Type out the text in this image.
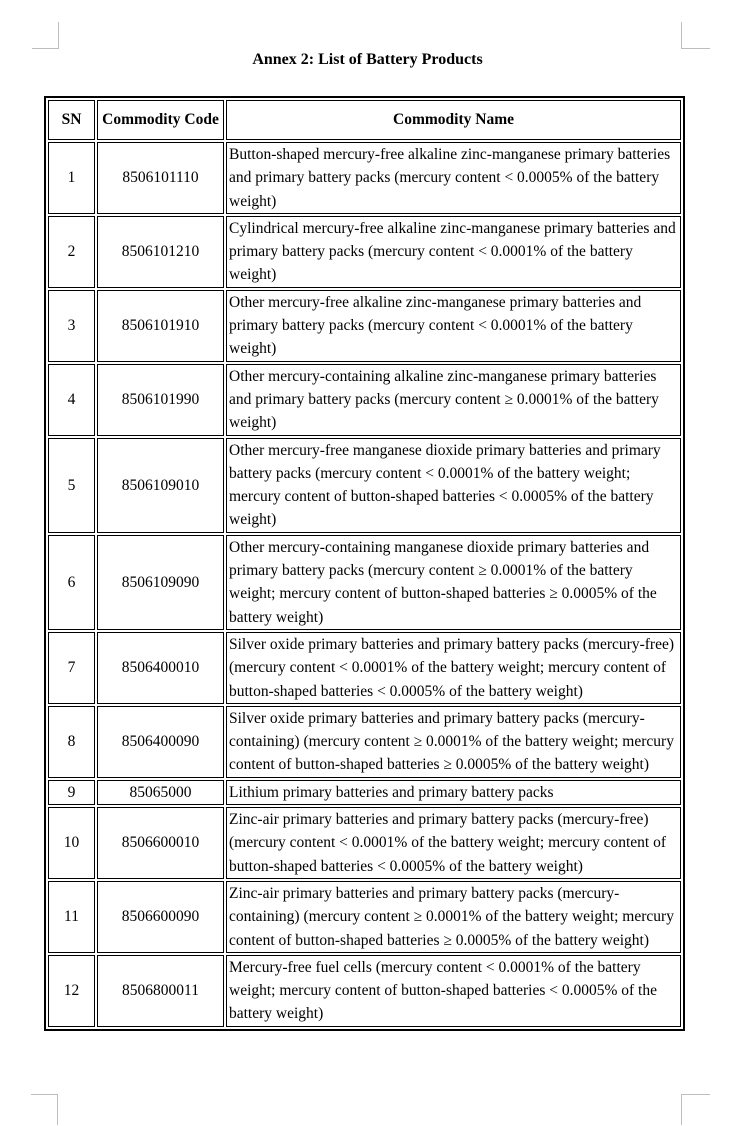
Annex 2: List of Battery Products
SN	Commodity Code	Commodity Name
1	8506101110	Button-shaped mercury-free alkaline zinc-manganese primary batteries and primary battery packs (mercury content < 0.0005% of the battery weight)
2	8506101210	Cylindrical mercury-free alkaline zinc-manganese primary batteries and primary battery packs (mercury content < 0.0001% of the battery weight)
3	8506101910	Other mercury-free alkaline zinc-manganese primary batteries and primary battery packs (mercury content < 0.0001% of the battery weight)
4	8506101990	Other mercury-containing alkaline zinc-manganese primary batteries and primary battery packs (mercury content ≥ 0.0001% of the battery weight)
5	8506109010	Other mercury-free manganese dioxide primary batteries and primary battery packs (mercury content < 0.0001% of the battery weight; mercury content of button-shaped batteries < 0.0005% of the battery weight)
6	8506109090	Other mercury-containing manganese dioxide primary batteries and primary battery packs (mercury content ≥ 0.0001% of the battery weight; mercury content of button-shaped batteries ≥ 0.0005% of the battery weight)
7	8506400010	Silver oxide primary batteries and primary battery packs (mercury-free) (mercury content < 0.0001% of the battery weight; mercury content of button-shaped batteries < 0.0005% of the battery weight)
8	8506400090	Silver oxide primary batteries and primary battery packs (mercury-containing) (mercury content ≥ 0.0001% of the battery weight; mercury content of button-shaped batteries ≥ 0.0005% of the battery weight)
9	85065000	Lithium primary batteries and primary battery packs
10	8506600010	Zinc-air primary batteries and primary battery packs (mercury-free) (mercury content < 0.0001% of the battery weight; mercury content of button-shaped batteries < 0.0005% of the battery weight)
11	8506600090	Zinc-air primary batteries and primary battery packs (mercury-containing) (mercury content ≥ 0.0001% of the battery weight; mercury content of button-shaped batteries ≥ 0.0005% of the battery weight)
12	8506800011	Mercury-free fuel cells (mercury content < 0.0001% of the battery weight; mercury content of button-shaped batteries < 0.0005% of the battery weight)
